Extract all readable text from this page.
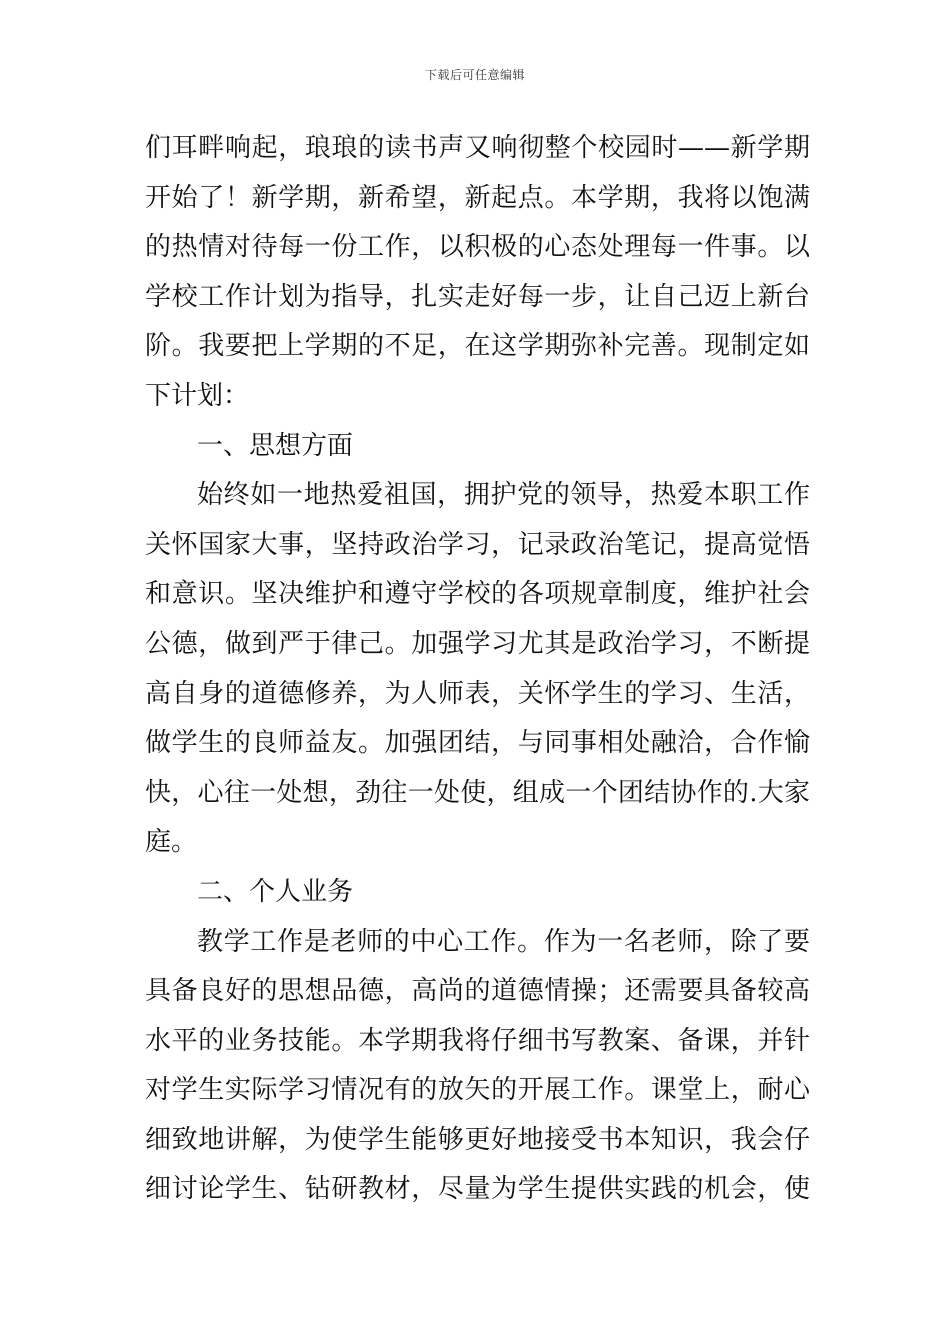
下载后可任意编辑
们耳畔响起，琅琅的读书声又响彻整个校园时——新学期
开始了！新学期，新希望，新起点。本学期，我将以饱满
的热情对待每一份工作，以积极的心态处理每一件事。以
学校工作计划为指导，扎实走好每一步，让自己迈上新台
阶。我要把上学期的不足，在这学期弥补完善。现制定如
下计划：
一、思想方面
始终如一地热爱祖国，拥护党的领导，热爱本职工作
关怀国家大事，坚持政治学习，记录政治笔记，提高觉悟
和意识。坚决维护和遵守学校的各项规章制度，维护社会
公德，做到严于律己。加强学习尤其是政治学习，不断提
高自身的道德修养，为人师表，关怀学生的学习、生活，
做学生的良师益友。加强团结，与同事相处融洽，合作愉
快，心往一处想，劲往一处使，组成一个团结协作的.大家
庭。
二、个人业务
教学工作是老师的中心工作。作为一名老师，除了要
具备良好的思想品德，高尚的道德情操；还需要具备较高
水平的业务技能。本学期我将仔细书写教案、备课，并针
对学生实际学习情况有的放矢的开展工作。课堂上，耐心
细致地讲解，为使学生能够更好地接受书本知识，我会仔
细讨论学生、钻研教材，尽量为学生提供实践的机会，使
